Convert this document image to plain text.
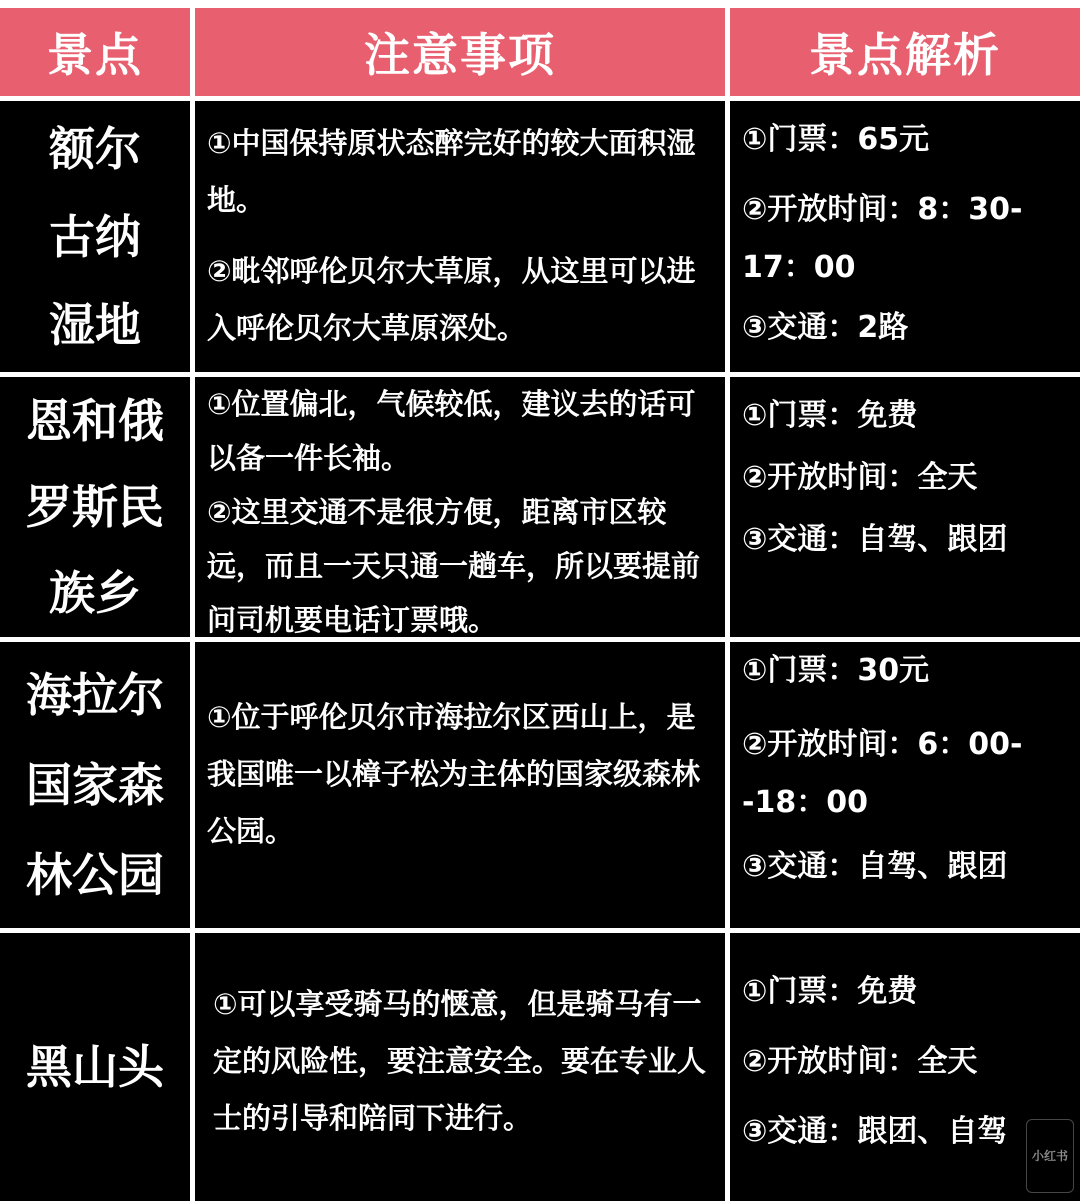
景点	注意事项	景点解析
额尔古纳湿地

①中国保持原状态醉完好的较大面积湿地。

②毗邻呼伦贝尔大草原，从这里可以进入呼伦贝尔大草原深处。

①门票：65元

②开放时间：8：30-17：00

③交通：2路

恩和俄罗斯民族乡

①位置偏北，气候较低，建议去的话可以备一件长袖。

②这里交通不是很方便，距离市区较远，而且一天只通一趟车，所以要提前问司机要电话订票哦。

①门票：免费

②开放时间：全天

③交通：自驾、跟团

海拉尔国家森林公园

①位于呼伦贝尔市海拉尔区西山上，是我国唯一以樟子松为主体的国家级森林公园。

①门票：30元

②开放时间：6：00--18：00

③交通：自驾、跟团

黑山头

①可以享受骑马的惬意，但是骑马有一定的风险性，要注意安全。要在专业人士的引导和陪同下进行。

①门票：免费

②开放时间：全天

③交通：跟团、自驾

小红书
